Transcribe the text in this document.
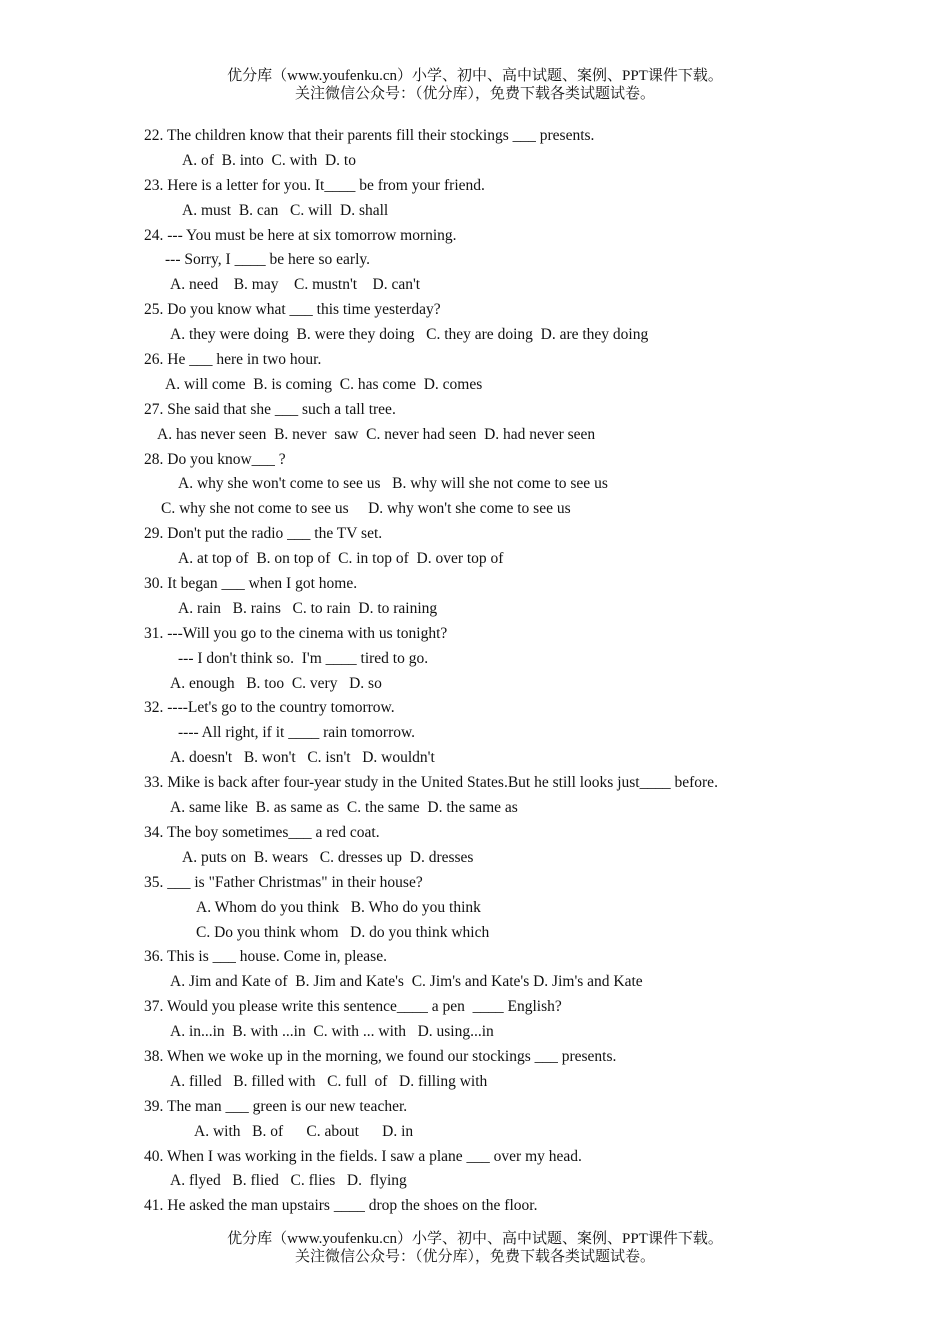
优分库（www.youfenku.cn）小学、初中、高中试题、案例、PPT课件下载。
关注微信公众号：（优分库），免费下载各类试题试卷。
22. The children know that their parents fill their stockings ___ presents.
A. of  B. into  C. with  D. to
23. Here is a letter for you. It____ be from your friend.
A. must  B. can   C. will  D. shall
24. --- You must be here at six tomorrow morning.
--- Sorry, I ____ be here so early.
A. need    B. may    C. mustn't    D. can't
25. Do you know what ___ this time yesterday?
A. they were doing  B. were they doing   C. they are doing  D. are they doing
26. He ___ here in two hour.
A. will come  B. is coming  C. has come  D. comes
27. She said that she ___ such a tall tree.
A. has never seen  B. never  saw  C. never had seen  D. had never seen
28. Do you know___ ?
A. why she won't come to see us   B. why will she not come to see us
C. why she not come to see us     D. why won't she come to see us
29. Don't put the radio ___ the TV set.
A. at top of  B. on top of  C. in top of  D. over top of
30. It began ___ when I got home.
A. rain   B. rains   C. to rain  D. to raining
31. ---Will you go to the cinema with us tonight?
--- I don't think so.  I'm ____ tired to go.
A. enough   B. too  C. very   D. so
32. ----Let's go to the country tomorrow.
---- All right, if it ____ rain tomorrow.
A. doesn't   B. won't   C. isn't   D. wouldn't
33. Mike is back after four-year study in the United States.But he still looks just____ before.
A. same like  B. as same as  C. the same  D. the same as
34. The boy sometimes___ a red coat.
A. puts on  B. wears   C. dresses up  D. dresses
35. ___ is "Father Christmas" in their house?
A. Whom do you think   B. Who do you think
C. Do you think whom   D. do you think which
36. This is ___ house. Come in, please.
A. Jim and Kate of  B. Jim and Kate's  C. Jim's and Kate's D. Jim's and Kate
37. Would you please write this sentence____ a pen  ____ English?
A. in...in  B. with ...in  C. with ... with   D. using...in
38. When we woke up in the morning, we found our stockings ___ presents.
A. filled   B. filled with   C. full  of   D. filling with
39. The man ___ green is our new teacher.
A. with   B. of      C. about      D. in
40. When I was working in the fields. I saw a plane ___ over my head.
A. flyed   B. flied   C. flies   D.  flying
41. He asked the man upstairs ____ drop the shoes on the floor.
优分库（www.youfenku.cn）小学、初中、高中试题、案例、PPT课件下载。
关注微信公众号：（优分库），免费下载各类试题试卷。
